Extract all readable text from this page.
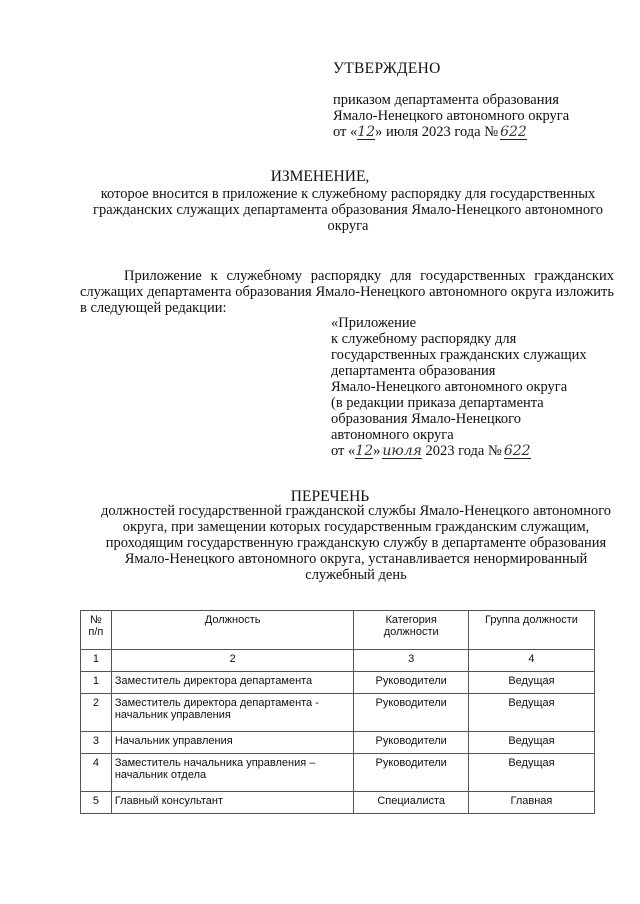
УТВЕРЖДЕНО
приказом департамента образования
Ямало-Ненецкого автономного округа
от «12» июля 2023 года № 622
ИЗМЕНЕНИЕ,
которое вносится в приложение к служебному распорядку для государственных гражданских служащих департамента образования Ямало-Ненецкого автономного округа
Приложение к служебному распорядку для государственных гражданских служащих департамента образования Ямало-Ненецкого автономного округа изложить в следующей редакции:
«Приложение
к служебному распорядку для
государственных гражданских служащих
департамента образования
Ямало-Ненецкого автономного округа
(в редакции приказа департамента
образования Ямало-Ненецкого
автономного округа
от «12» июля 2023 года № 622
ПЕРЕЧЕНЬ
должностей государственной гражданской службы Ямало-Ненецкого автономного округа, при замещении которых государственным гражданским служащим, проходящим государственную гражданскую службу в департаменте образования Ямало-Ненецкого автономного округа, устанавливается ненормированный служебный день
№ п/п	Должность	Категория должности	Группа должности
1	2	3	4
1	Заместитель директора департамента	Руководители	Ведущая
2	Заместитель директора департамента - начальник управления	Руководители	Ведущая
3	Начальник управления	Руководители	Ведущая
4	Заместитель начальника управления – начальник отдела	Руководители	Ведущая
5	Главный консультант	Специалиста	Главная
